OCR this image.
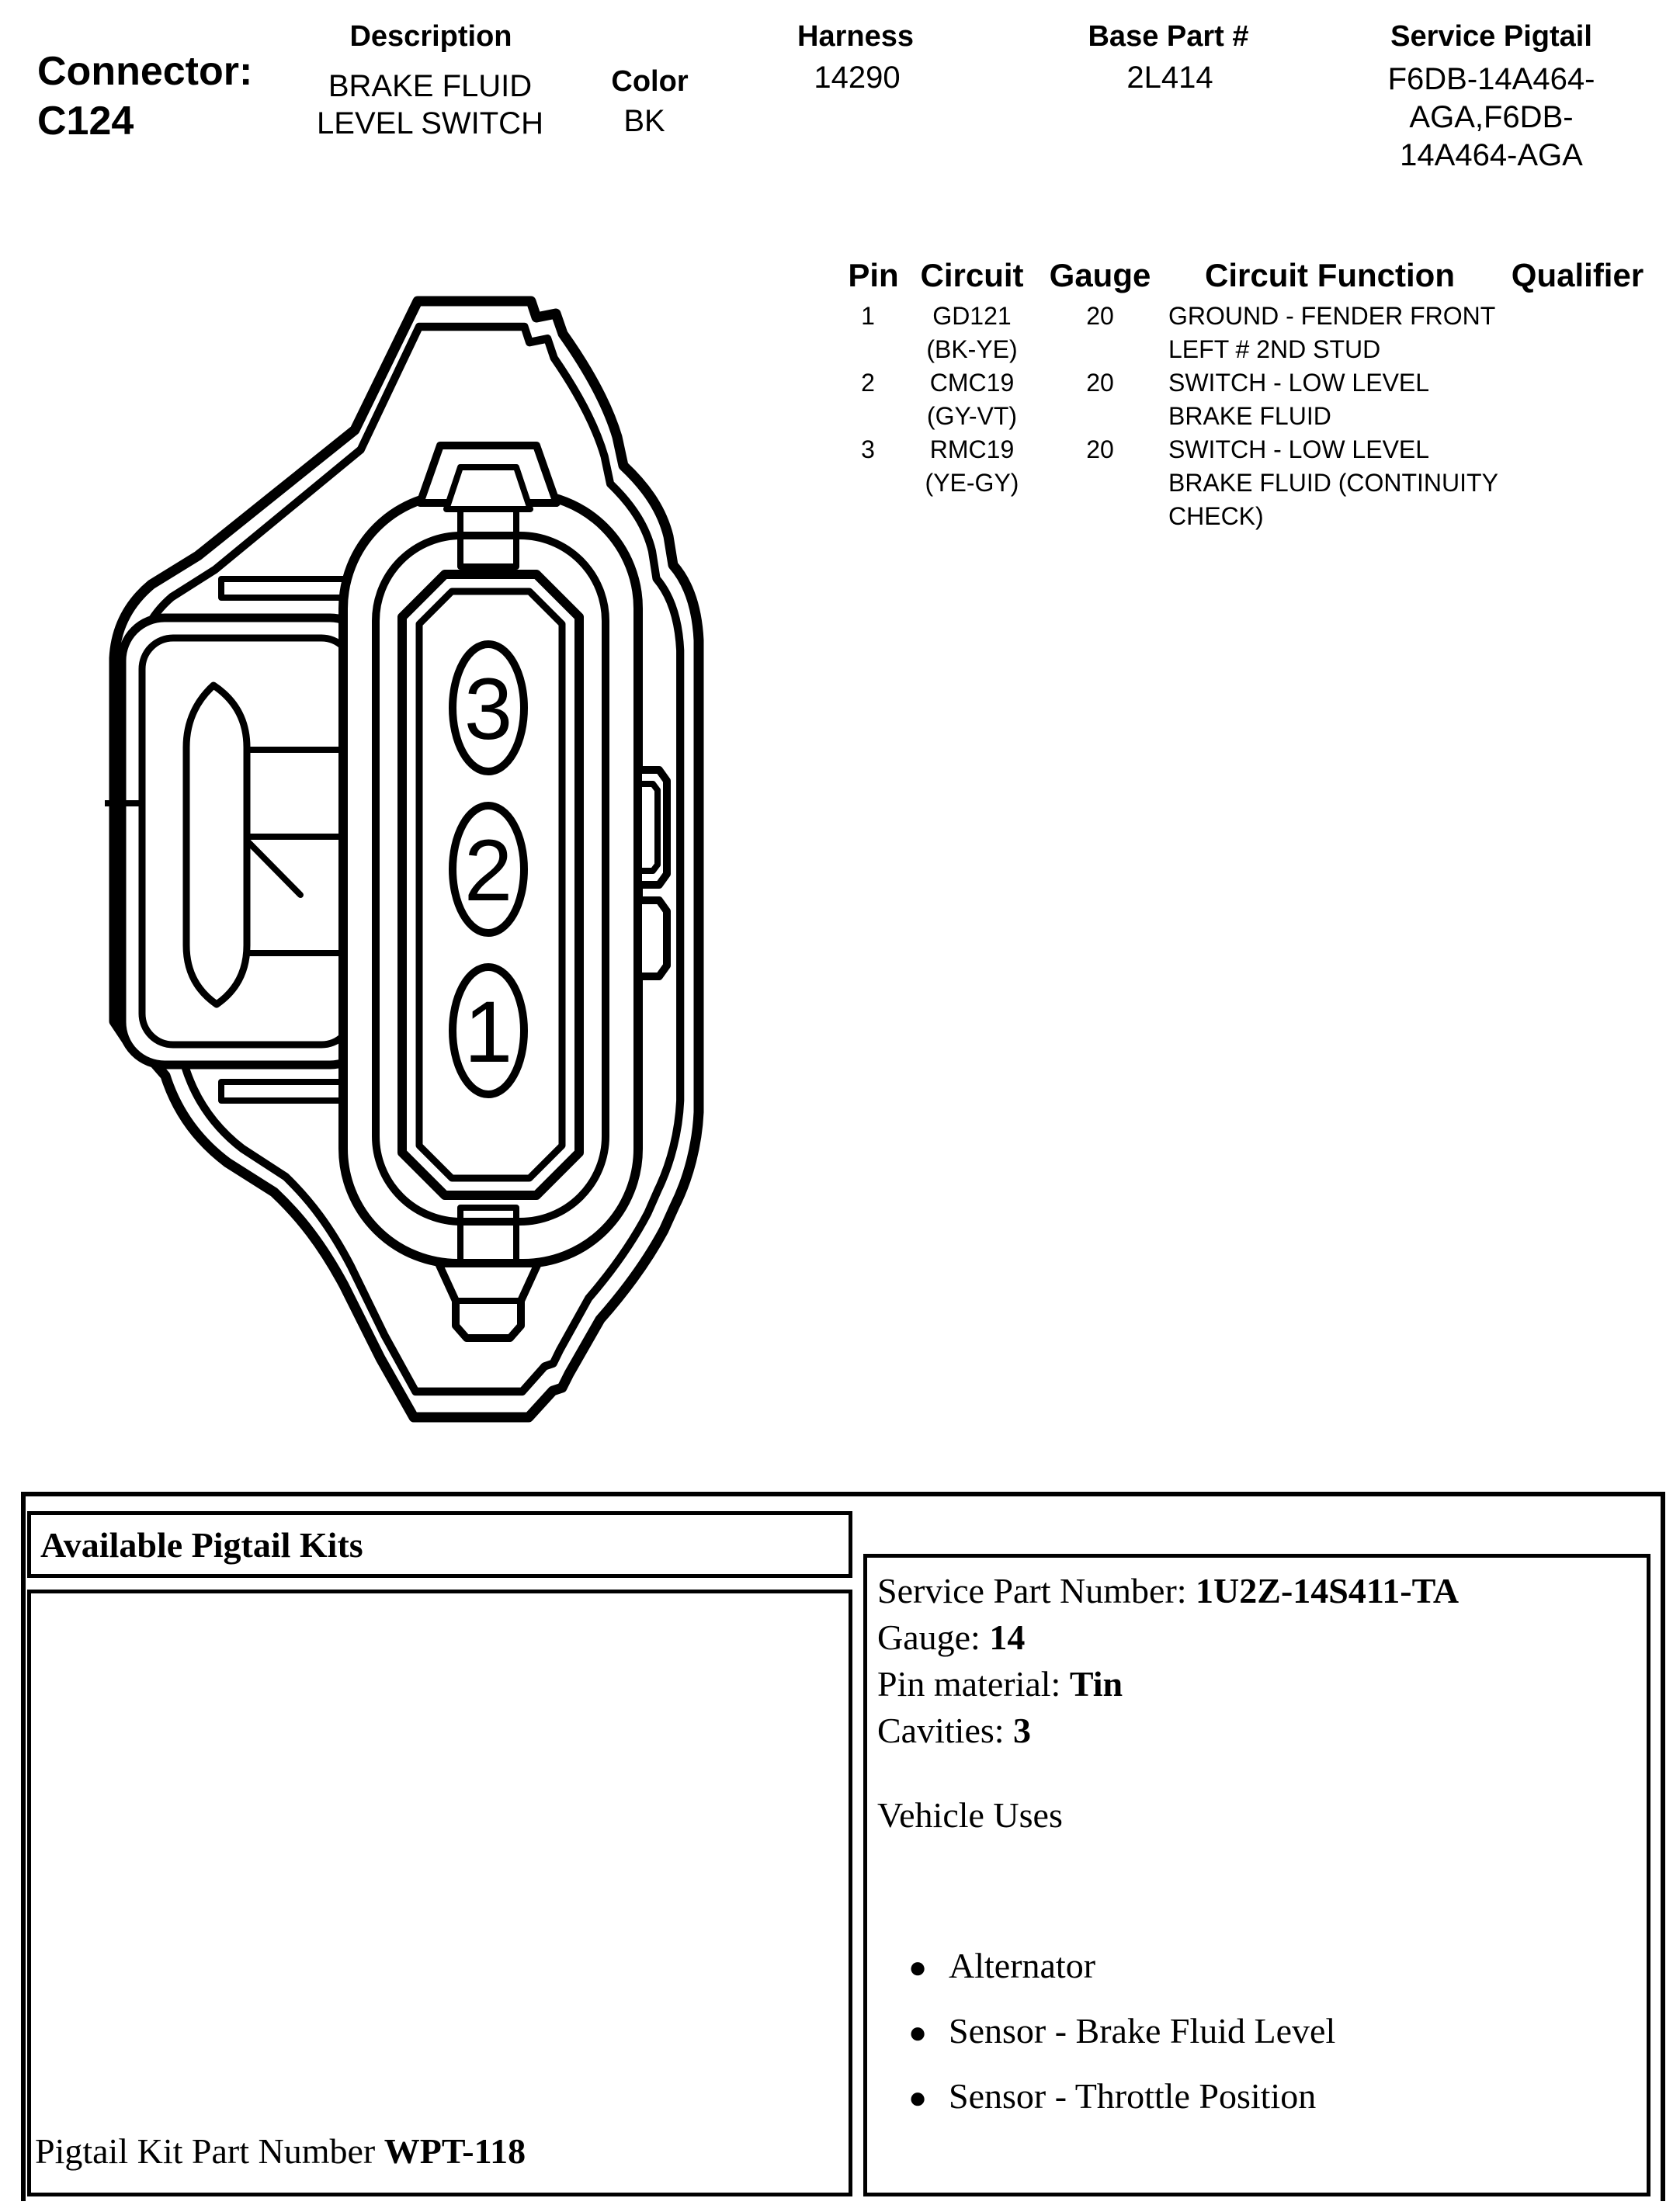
Connector:
C124
Description
BRAKE FLUID
LEVEL SWITCH
Color
BK
Harness
14290
Base Part #
2L414
Service Pigtail
F6DB-14A464-
AGA,F6DB-
14A464-AGA
Pin Circuit Gauge Circuit Function Qualifier
1
2
3
GD121
(BK-YE)
CMC19
(GY-VT)
RMC19
(YE-GY)
20
20
20
GROUND - FENDER FRONT
LEFT # 2ND STUD
SWITCH - LOW LEVEL
BRAKE FLUID
SWITCH - LOW LEVEL
BRAKE FLUID (CONTINUITY
CHECK)
3
2
1
Available Pigtail Kits
Service Part Number: 1U2Z-14S411-TA
Gauge: 14
Pin material: Tin
Cavities: 3
Vehicle Uses
● Alternator
● Sensor - Brake Fluid Level
● Sensor - Throttle Position
Pigtail Kit Part Number WPT-118
